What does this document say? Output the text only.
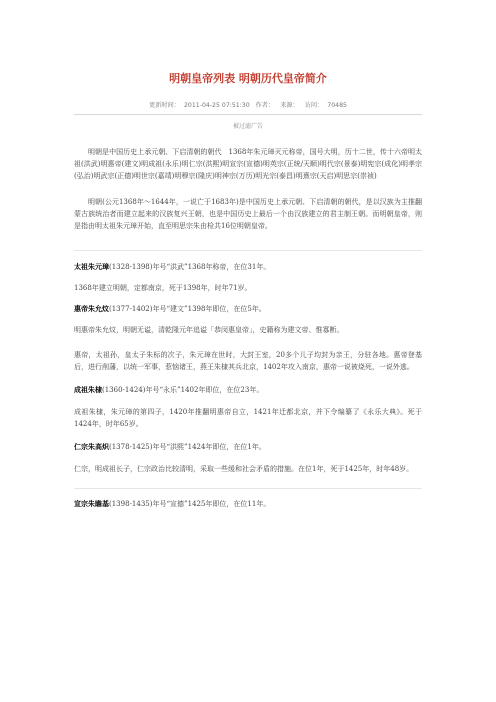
明朝皇帝列表 明朝历代皇帝简介
更新时间： 2011-04-25 07:51:30 作者： 来源： 访问： 70485
被过滤广告

明朝是中国历史上承元朝、下启清朝的朝代　1368年朱元璋灭元称帝，国号大明，历十二世，传十六帝明太祖(洪武)明惠帝(建文)明成祖(永乐)明仁宗(洪熙)明宣宗(宣德)明英宗(正统/天顺)明代宗(景泰)明宪宗(成化)明孝宗(弘治)明武宗(正德)明世宗(嘉靖)明穆宗(隆庆)明神宗(万历)明光宗(泰昌)明熹宗(天启)明思宗(崇祯)

明朝(公元1368年～1644年，一说亡于1683年)是中国历史上承元朝、下启清朝的朝代，是以汉族为主推翻蒙古族统治者而建立起来的汉族复兴王朝，也是中国历史上最后一个由汉族建立的君主制王朝。而明朝皇帝，则是指由明太祖朱元璋开始，直至明思宗朱由检共16位明朝皇帝。

太祖朱元璋(1328-1398)年号“洪武”1368年称帝，在位31年。

1368年建立明朝，定都南京，死于1398年，时年71岁。

惠帝朱允炆(1377-1402)年号“建文”1398年即位，在位5年。

明惠帝朱允炆，明朝无谥，清乾隆元年追谥「恭闵惠皇帝」，史籍称为建文帝、惟寡断。

惠帝，太祖孙，皇太子朱标的次子，朱元璋在世时，大封王室，20多个儿子均封为亲王，分驻各地。惠帝登基后，进行削藩，以统一军事，惹恼诸王，燕王朱棣其兵北京，1402年攻入南京，惠帝一说被烧死，一说外逃。

成祖朱棣(1360-1424)年号“永乐”1402年即位，在位23年。

成祖朱棣，朱元璋的第四子，1420年推翻明惠帝自立，1421年迁都北京，并下令编纂了《永乐大典》。死于1424年，时年65岁。

仁宗朱高炽(1378-1425)年号“洪熙”1424年即位，在位1年。

仁宗，明成祖长子，仁宗政治比较清明，采取一些缓和社会矛盾的措施。在位1年，死于1425年，时年48岁。

宣宗朱瞻基(1398-1435)年号“宣德”1425年即位，在位11年。
